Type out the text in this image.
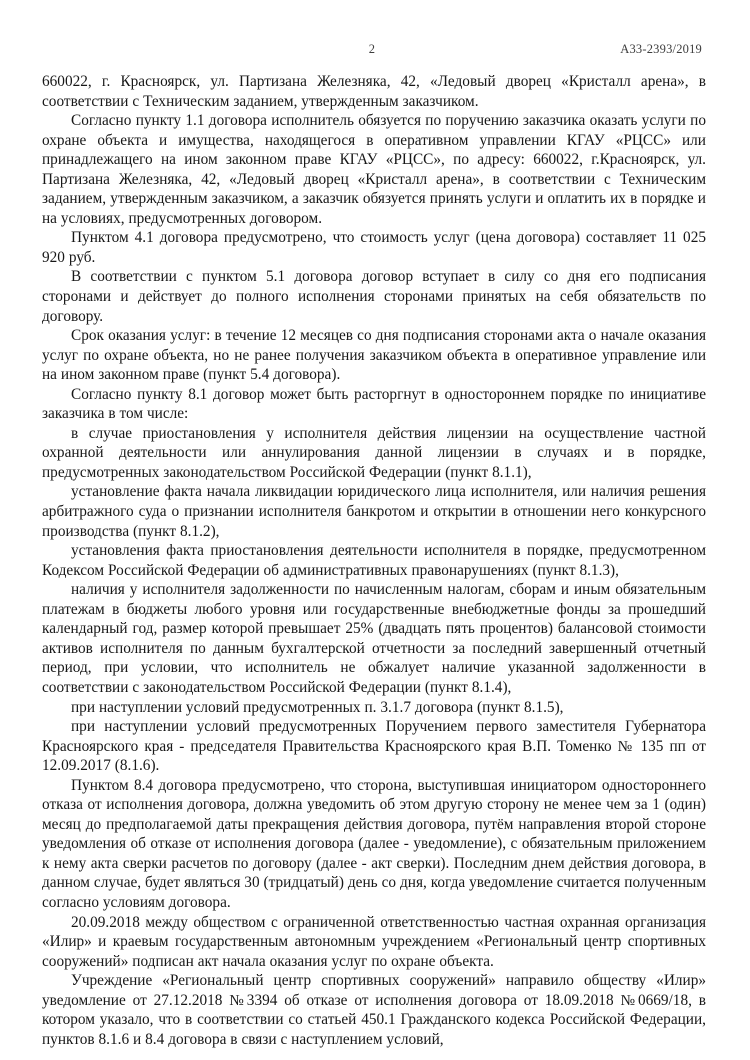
2	А33-2393/2019

660022, г. Красноярск, ул. Партизана Железняка, 42, «Ледовый дворец «Кристалл арена», в соответствии с Техническим заданием, утвержденным заказчиком.

Согласно пункту 1.1 договора исполнитель обязуется по поручению заказчика оказать услуги по охране объекта и имущества, находящегося в оперативном управлении КГАУ «РЦСС» или принадлежащего на ином законном праве КГАУ «РЦСС», по адресу: 660022, г.Красноярск, ул. Партизана Железняка, 42, «Ледовый дворец «Кристалл арена», в соответствии с Техническим заданием, утвержденным заказчиком, а заказчик обязуется принять услуги и оплатить их в порядке и на условиях, предусмотренных договором.

Пунктом 4.1 договора предусмотрено, что стоимость услуг (цена договора) составляет 11 025 920 руб.

В соответствии с пунктом 5.1 договора договор вступает в силу со дня его подписания сторонами и действует до полного исполнения сторонами принятых на себя обязательств по договору.

Срок оказания услуг: в течение 12 месяцев со дня подписания сторонами акта о начале оказания услуг по охране объекта, но не ранее получения заказчиком объекта в оперативное управление или на ином законном праве (пункт 5.4 договора).

Согласно пункту 8.1 договор может быть расторгнут в одностороннем порядке по инициативе заказчика в том числе:

в случае приостановления у исполнителя действия лицензии на осуществление частной охранной деятельности или аннулирования данной лицензии в случаях и в порядке, предусмотренных законодательством Российской Федерации (пункт 8.1.1),

установление факта начала ликвидации юридического лица исполнителя, или наличия решения арбитражного суда о признании исполнителя банкротом и открытии в отношении него конкурсного производства (пункт 8.1.2),

установления факта приостановления деятельности исполнителя в порядке, предусмотренном Кодексом Российской Федерации об административных правонарушениях (пункт 8.1.3),

наличия у исполнителя задолженности по начисленным налогам, сборам и иным обязательным платежам в бюджеты любого уровня или государственные внебюджетные фонды за прошедший календарный год, размер которой превышает 25% (двадцать пять процентов) балансовой стоимости активов исполнителя по данным бухгалтерской отчетности за последний завершенный отчетный период, при условии, что исполнитель не обжалует наличие указанной задолженности в соответствии с законодательством Российской Федерации (пункт 8.1.4),

при наступлении условий предусмотренных п. 3.1.7 договора (пункт 8.1.5),

при наступлении условий предусмотренных Поручением первого заместителя Губернатора Красноярского края - председателя Правительства Красноярского края В.П. Томенко № 135 пп от 12.09.2017 (8.1.6).

Пунктом 8.4 договора предусмотрено, что сторона, выступившая инициатором одностороннего отказа от исполнения договора, должна уведомить об этом другую сторону не менее чем за 1 (один) месяц до предполагаемой даты прекращения действия договора, путём направления второй стороне уведомления об отказе от исполнения договора (далее - уведомление), с обязательным приложением к нему акта сверки расчетов по договору (далее - акт сверки). Последним днем действия договора, в данном случае, будет являться 30 (тридцатый) день со дня, когда уведомление считается полученным согласно условиям договора.

20.09.2018 между обществом с ограниченной ответственностью частная охранная организация «Илир» и краевым государственным автономным учреждением «Региональный центр спортивных сооружений» подписан акт начала оказания услуг по охране объекта.

Учреждение «Региональный центр спортивных сооружений» направило обществу «Илир» уведомление от 27.12.2018 №3394 об отказе от исполнения договора от 18.09.2018 №0669/18, в котором указало, что в соответствии со статьей 450.1 Гражданского кодекса Российской Федерации, пунктов 8.1.6 и 8.4 договора в связи с наступлением условий,
